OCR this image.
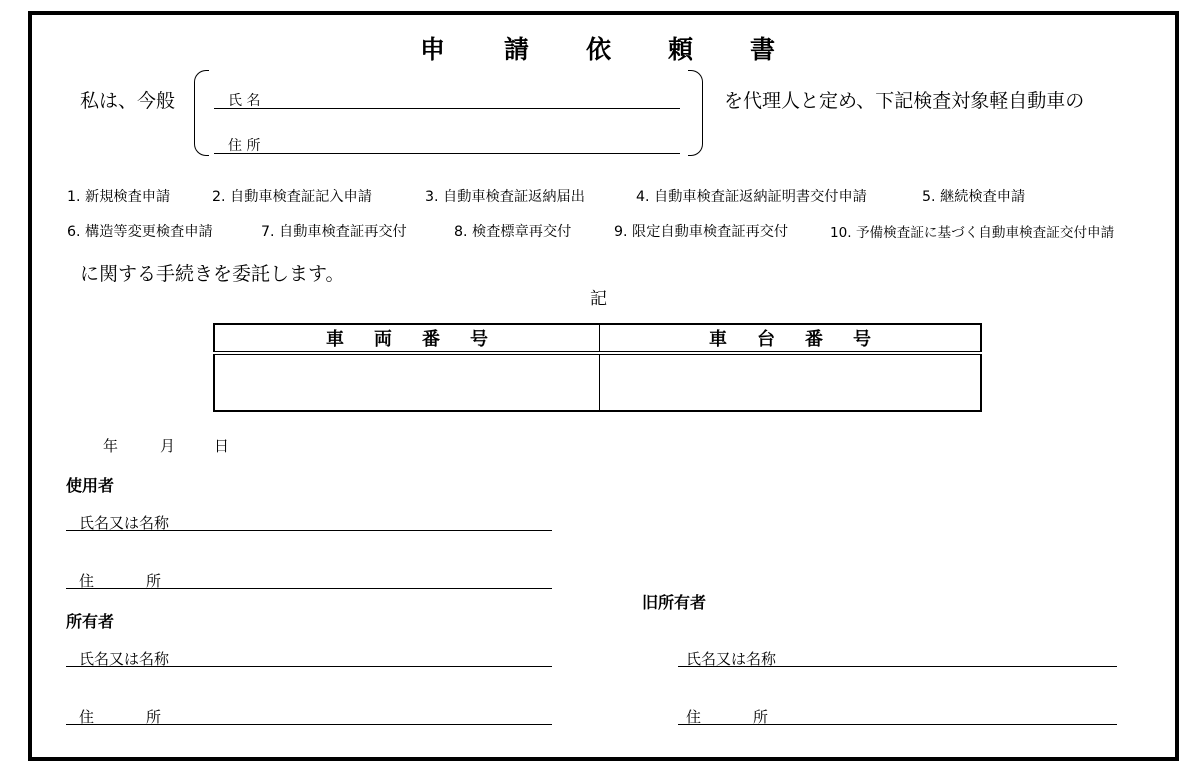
申 請 依 頼 書
私は、今般	氏 名
住 所
を代理人と定め、下記検査対象軽自動車の
1. 新規検査申請	2. 自動車検査証記入申請	3. 自動車検査証返納届出	4. 自動車検査証返納証明書交付申請	5. 継続検査申請
6. 構造等変更検査申請	7. 自動車検査証再交付	8. 検査標章再交付	9. 限定自動車検査証再交付	10. 予備検査証に基づく自動車検査証交付申請
に関する手続きを委託します。
記
車 両 番 号	車 台 番 号

年	月	日
使用者
氏名又は名称
住	所
所有者
氏名又は名称
住	所
旧所有者
氏名又は名称
住	所
